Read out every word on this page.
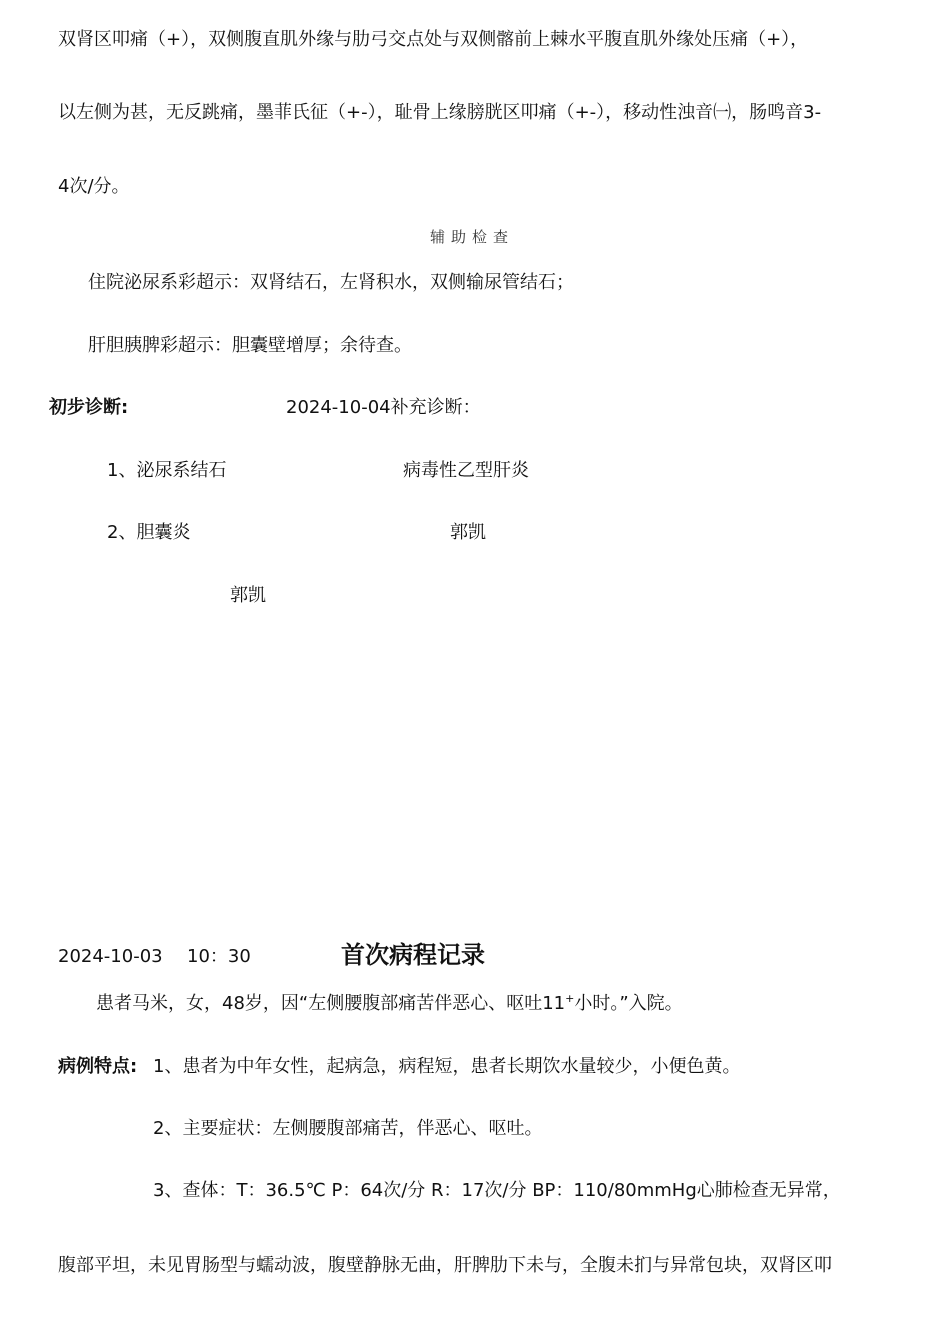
双肾区叩痛（+），双侧腹直肌外缘与肋弓交点处与双侧髂前上棘水平腹直肌外缘处压痛（+），
以左侧为甚，无反跳痛，墨菲氏征（+-），耻骨上缘膀胱区叩痛（+-），移动性浊音㈠，肠鸣音3-
4次/分。
辅助检查
住院泌尿系彩超示：双肾结石，左肾积水，双侧输尿管结石；
肝胆胰脾彩超示：胆囊壁增厚；余待查。
初步诊断:	2024-10-04补充诊断：
1、泌尿系结石	病毒性乙型肝炎
2、胆囊炎	郭凯
郭凯
2024-10-03 10：30	首次病程记录
患者马米，女，48岁，因“左侧腰腹部痛苦伴恶心、呕吐11+小时。”入院。
病例特点: 1、患者为中年女性，起病急，病程短，患者长期饮水量较少，小便色黄。
2、主要症状：左侧腰腹部痛苦，伴恶心、呕吐。
3、查体：T：36.5℃ P：64次/分 R：17次/分 BP：110/80mmHg心肺检查无异常，
腹部平坦，未见胃肠型与蠕动波，腹壁静脉无曲，肝脾肋下未与，全腹未扪与异常包块，双肾区叩
